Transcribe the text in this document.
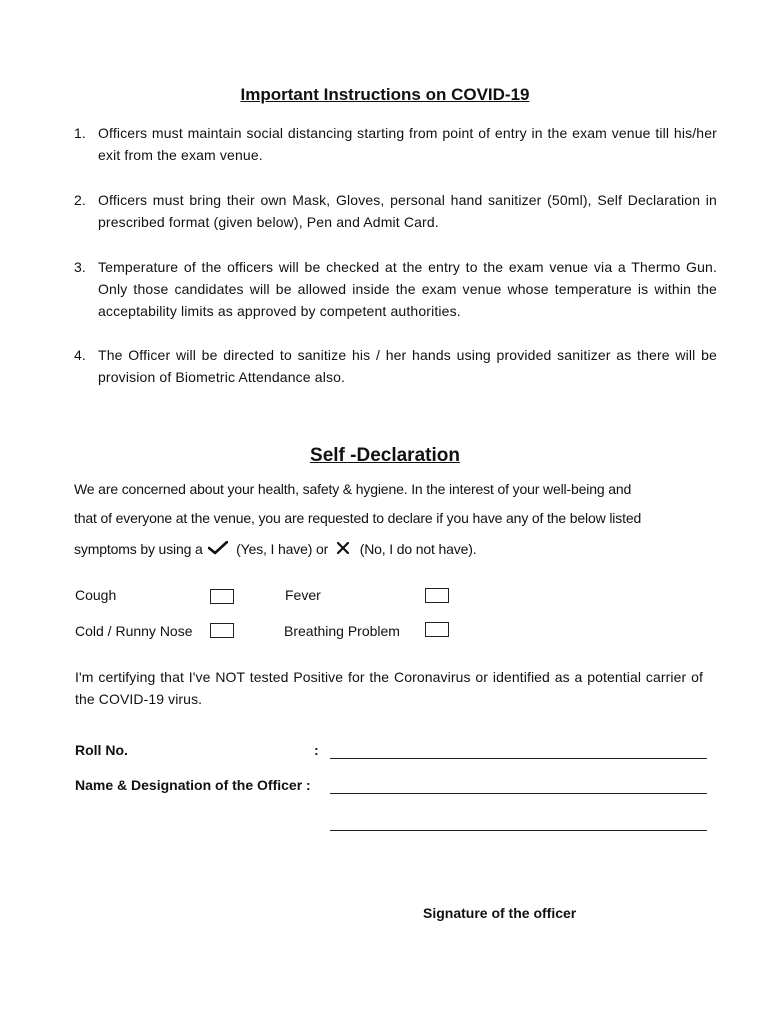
Important Instructions on COVID-19
1. Officers must maintain social distancing starting from point of entry in the exam venue till his/her exit from the exam venue.
2. Officers must bring their own Mask, Gloves, personal hand sanitizer (50ml), Self Declaration in prescribed format (given below), Pen and Admit Card.
3. Temperature of the officers will be checked at the entry to the exam venue via a Thermo Gun. Only those candidates will be allowed inside the exam venue whose temperature is within the acceptability limits as approved by competent authorities.
4. The Officer will be directed to sanitize his / her hands using provided sanitizer as there will be provision of Biometric Attendance also.
Self -Declaration
We are concerned about your health, safety & hygiene. In the interest of your well-being and
that of everyone at the venue, you are requested to declare if you have any of the below listed
symptoms by using a (Yes, I have) or (No, I do not have).
Cough	Fever
Cold / Runny Nose	Breathing Problem
I'm certifying that I've NOT tested Positive for the Coronavirus or identified as a potential carrier of the COVID-19 virus.
Roll No.	:
Name & Designation of the Officer :
Signature of the officer
